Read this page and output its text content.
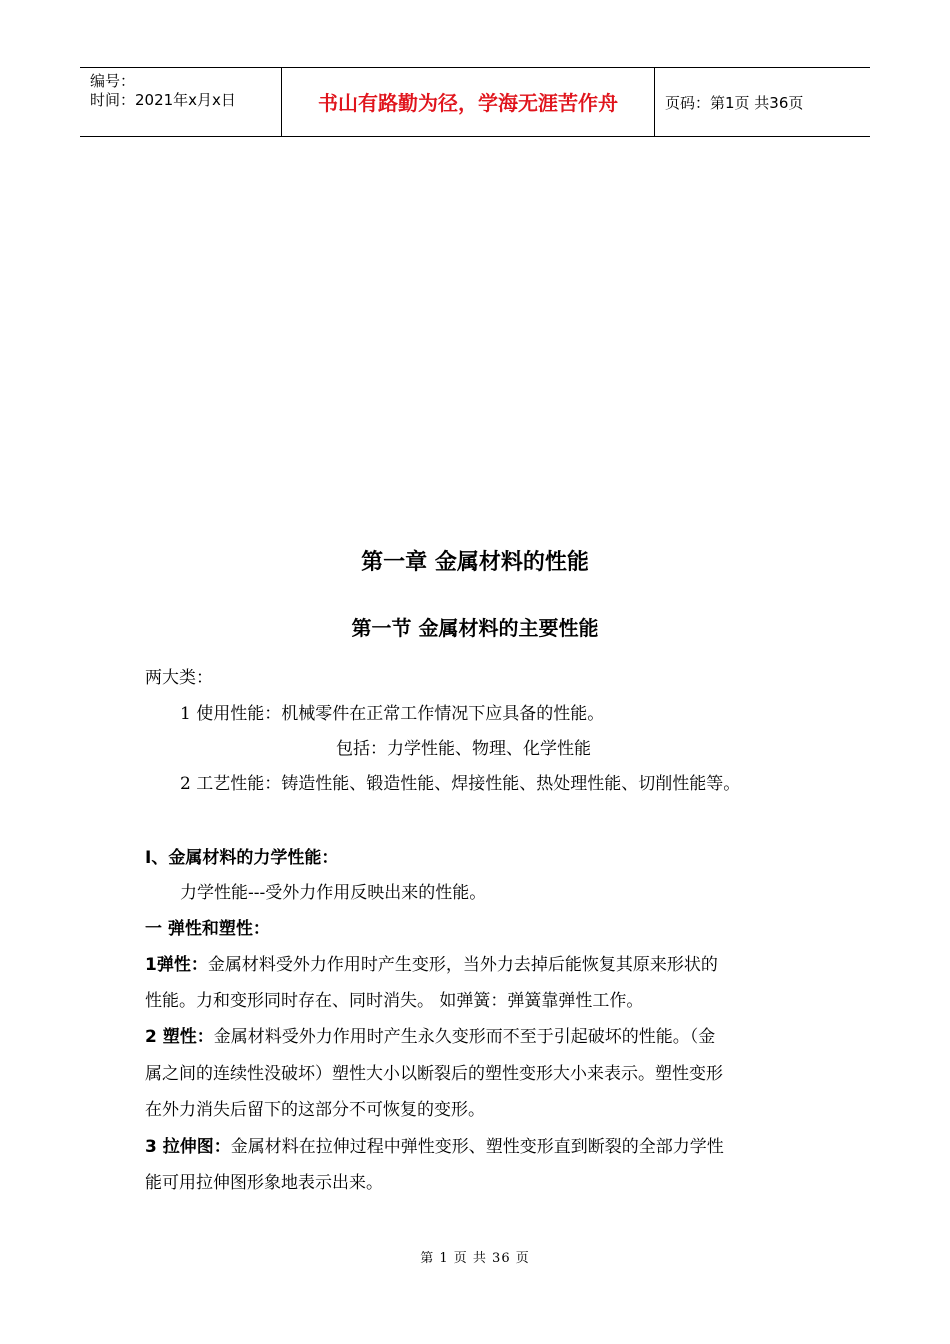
编号：
时间：2021年x月x日	书山有路勤为径，学海无涯苦作舟	页码：第1页 共36页
第一章 金属材料的性能
第一节 金属材料的主要性能
两大类：
1 使用性能：机械零件在正常工作情况下应具备的性能。
包括：力学性能、物理、化学性能
2 工艺性能：铸造性能、锻造性能、焊接性能、热处理性能、切削性能等。
Ⅰ、金属材料的力学性能：
力学性能---受外力作用反映出来的性能。
一 弹性和塑性：
1弹性：金属材料受外力作用时产生变形，当外力去掉后能恢复其原来形状的
性能。力和变形同时存在、同时消失。 如弹簧：弹簧靠弹性工作。
2 塑性：金属材料受外力作用时产生永久变形而不至于引起破坏的性能。（金
属之间的连续性没破坏）塑性大小以断裂后的塑性变形大小来表示。塑性变形
在外力消失后留下的这部分不可恢复的变形。
3 拉伸图：金属材料在拉伸过程中弹性变形、塑性变形直到断裂的全部力学性
能可用拉伸图形象地表示出来。
第 1 页 共 36 页
